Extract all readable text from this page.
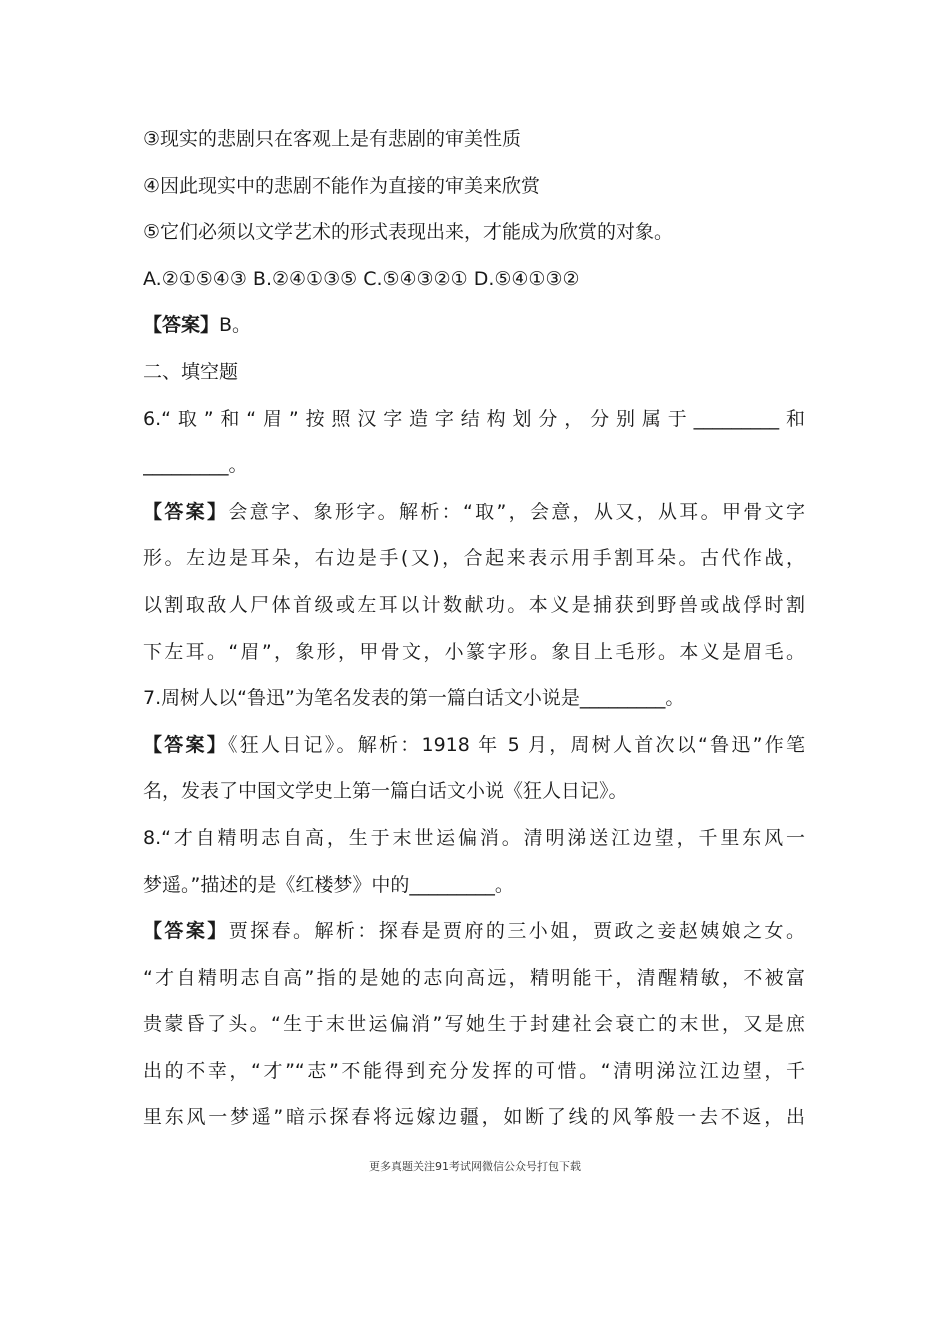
③现实的悲剧只在客观上是有悲剧的审美性质
④因此现实中的悲剧不能作为直接的审美来欣赏
⑤它们必须以文学艺术的形式表现出来，才能成为欣赏的对象。
A.②①⑤④③ B.②④①③⑤ C.⑤④③②① D.⑤④①③②
【答案】B。
二、填空题
6.“取”和“眉”按照汉字造字结构划分，分别属于_________和
_________。
【答案】会意字、象形字。解析：“取”，会意，从又，从耳。甲骨文字
形。左边是耳朵，右边是手(又)，合起来表示用手割耳朵。古代作战，
以割取敌人尸体首级或左耳以计数献功。本义是捕获到野兽或战俘时割
下左耳。“眉”，象形，甲骨文，小篆字形。象目上毛形。本义是眉毛。
7.周树人以“鲁迅”为笔名发表的第一篇白话文小说是_________。
【答案】《狂人日记》。解析：1918 年 5 月，周树人首次以“鲁迅”作笔
名，发表了中国文学史上第一篇白话文小说《狂人日记》。
8.“才自精明志自高，生于末世运偏消。清明涕送江边望，千里东风一
梦遥。”描述的是《红楼梦》中的_________。
【答案】贾探春。解析：探春是贾府的三小姐，贾政之妾赵姨娘之女。
“才自精明志自高”指的是她的志向高远，精明能干，清醒精敏，不被富
贵蒙昏了头。“生于末世运偏消”写她生于封建社会衰亡的末世，又是庶
出的不幸，“才”“志”不能得到充分发挥的可惜。“清明涕泣江边望，千
里东风一梦遥”暗示探春将远嫁边疆，如断了线的风筝般一去不返，出
更多真题关注91考试网微信公众号打包下载
